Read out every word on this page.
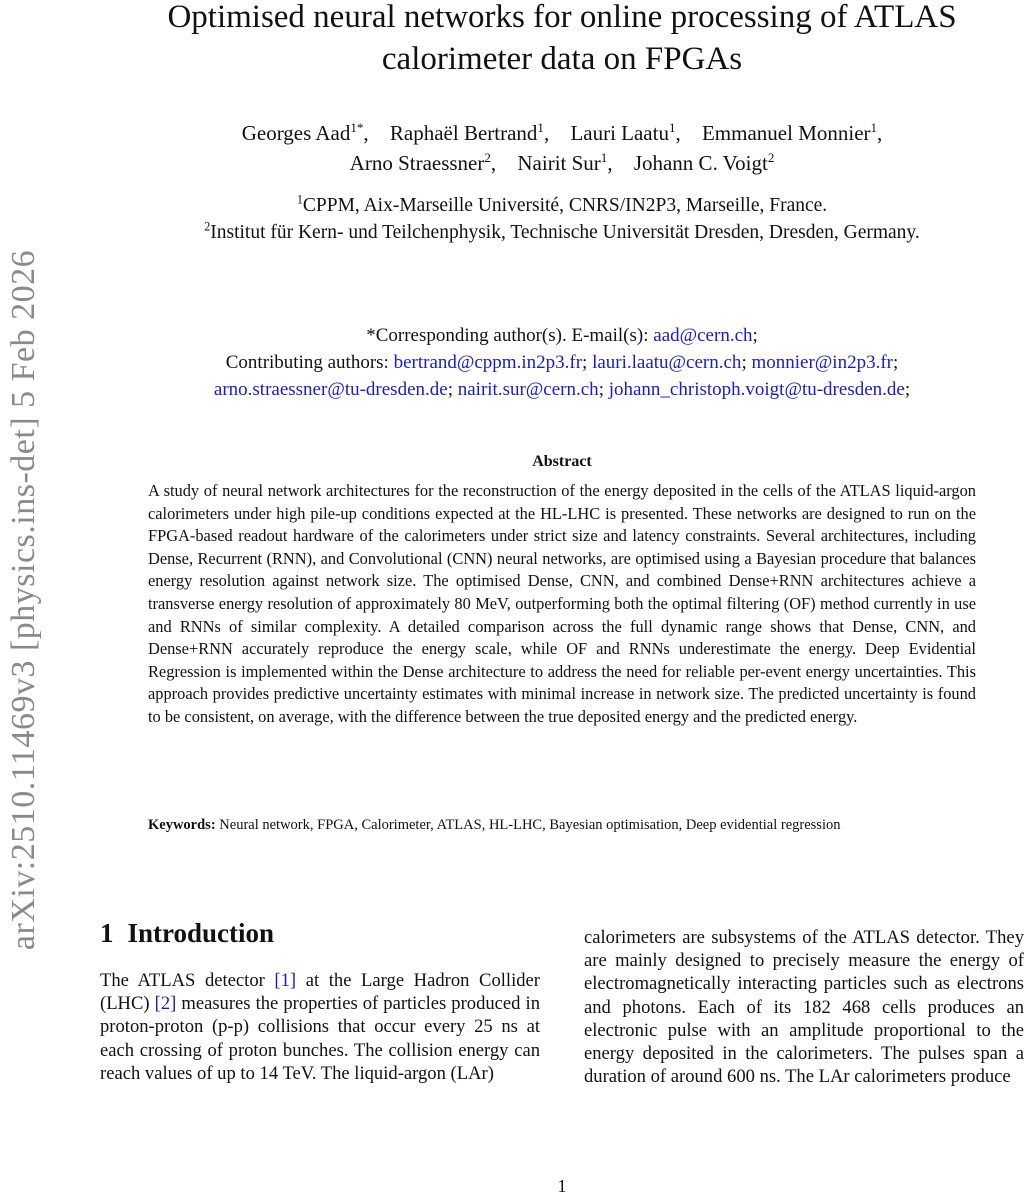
arXiv:2510.11469v3 [physics.ins-det] 5 Feb 2026
Optimised neural networks for online processing of ATLAS
calorimeter data on FPGAs
Georges Aad$^{1*}$, Raphaël Bertrand$^1$, Lauri Laatu$^1$, Emmanuel Monnier$^1$,
Arno Straessner$^2$, Nairit Sur$^1$, Johann C. Voigt$^2$
$^1$CPPM, Aix-Marseille Université, CNRS/IN2P3, Marseille, France.
$^2$Institut für Kern- und Teilchenphysik, Technische Universität Dresden, Dresden, Germany.
*Corresponding author(s). E-mail(s): aad@cern.ch;
Contributing authors: bertrand@cppm.in2p3.fr; lauri.laatu@cern.ch; monnier@in2p3.fr;
arno.straessner@tu-dresden.de; nairit.sur@cern.ch; johann_christoph.voigt@tu-dresden.de;
Abstract

A study of neural network architectures for the reconstruction of the energy deposited in the cells of the ATLAS liquid-argon calorimeters under high pile-up conditions expected at the HL-LHC is presented. These networks are designed to run on the FPGA-based readout hardware of the calorimeters under strict size and latency constraints. Several architectures, including Dense, Recurrent (RNN), and Convolutional (CNN) neural networks, are optimised using a Bayesian procedure that balances energy resolution against network size. The optimised Dense, CNN, and combined Dense+RNN architectures achieve a transverse energy resolution of approximately 80 MeV, outperforming both the optimal filtering (OF) method currently in use and RNNs of similar complexity. A detailed comparison across the full dynamic range shows that Dense, CNN, and Dense+RNN accurately reproduce the energy scale, while OF and RNNs underestimate the energy. Deep Evidential Regression is implemented within the Dense architecture to address the need for reliable per-event energy uncertainties. This approach provides predictive uncertainty estimates with minimal increase in network size. The predicted uncertainty is found to be consistent, on average, with the difference between the true deposited energy and the predicted energy.

Keywords: Neural network, FPGA, Calorimeter, ATLAS, HL-LHC, Bayesian optimisation, Deep evidential regression

1 Introduction

The ATLAS detector [1] at the Large Hadron Collider (LHC) [2] measures the properties of particles produced in proton-proton (p-p) collisions that occur every 25 ns at each crossing of proton bunches. The collision energy can reach values of up to 14 TeV. The liquid-argon (LAr)

calorimeters are subsystems of the ATLAS detector. They are mainly designed to precisely measure the energy of electromagnetically interacting particles such as electrons and photons. Each of its 182 468 cells produces an electronic pulse with an amplitude proportional to the energy deposited in the calorimeters. The pulses span a duration of around 600 ns. The LAr calorimeters produce

1
